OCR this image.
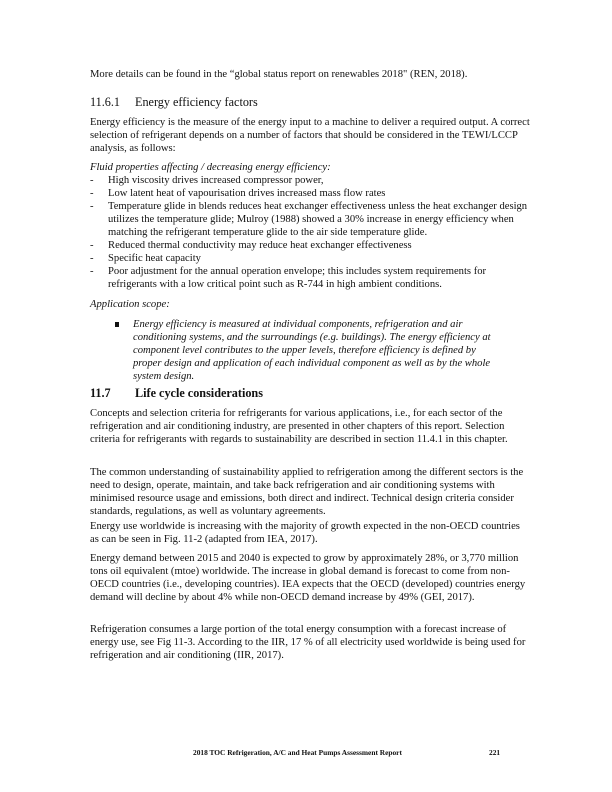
More details can be found in the “global status report on renewables 2018" (REN, 2018).

11.6.1 Energy efficiency factors

Energy efficiency is the measure of the energy input to a machine to deliver a required output. A correct selection of refrigerant depends on a number of factors that should be considered in the TEWI/LCCP analysis, as follows:

Fluid properties affecting / decreasing energy efficiency:

- High viscosity drives increased compressor power,
- Low latent heat of vapourisation drives increased mass flow rates
- Temperature glide in blends reduces heat exchanger effectiveness unless the heat exchanger design utilizes the temperature glide; Mulroy (1988) showed a 30% increase in energy efficiency when matching the refrigerant temperature glide to the air side temperature glide.
- Reduced thermal conductivity may reduce heat exchanger effectiveness
- Specific heat capacity
- Poor adjustment for the annual operation envelope; this includes system requirements for refrigerants with a low critical point such as R-744 in high ambient conditions.

Application scope:

Energy efficiency is measured at individual components, refrigeration and air conditioning systems, and the surroundings (e.g. buildings). The energy efficiency at component level contributes to the upper levels, therefore efficiency is defined by proper design and application of each individual component as well as by the whole system design.
11.7 Life cycle considerations

Concepts and selection criteria for refrigerants for various applications, i.e., for each sector of the refrigeration and air conditioning industry, are presented in other chapters of this report. Selection criteria for refrigerants with regards to sustainability are described in section 11.4.1 in this chapter.

The common understanding of sustainability applied to refrigeration among the different sectors is the need to design, operate, maintain, and take back refrigeration and air conditioning systems with minimised resource usage and emissions, both direct and indirect. Technical design criteria consider standards, regulations, as well as voluntary agreements.

Energy use worldwide is increasing with the majority of growth expected in the non-OECD countries as can be seen in Fig. 11-2 (adapted from IEA, 2017).

Energy demand between 2015 and 2040 is expected to grow by approximately 28%, or 3,770 million tons oil equivalent (mtoe) worldwide. The increase in global demand is forecast to come from non-OECD countries (i.e., developing countries). IEA expects that the OECD (developed) countries energy demand will decline by about 4% while non-OECD demand increase by 49% (GEI, 2017).

Refrigeration consumes a large portion of the total energy consumption with a forecast increase of energy use, see Fig 11-3. According to the IIR, 17 % of all electricity used worldwide is being used for refrigeration and air conditioning (IIR, 2017).

2018 TOC Refrigeration, A/C and Heat Pumps Assessment Report	221
